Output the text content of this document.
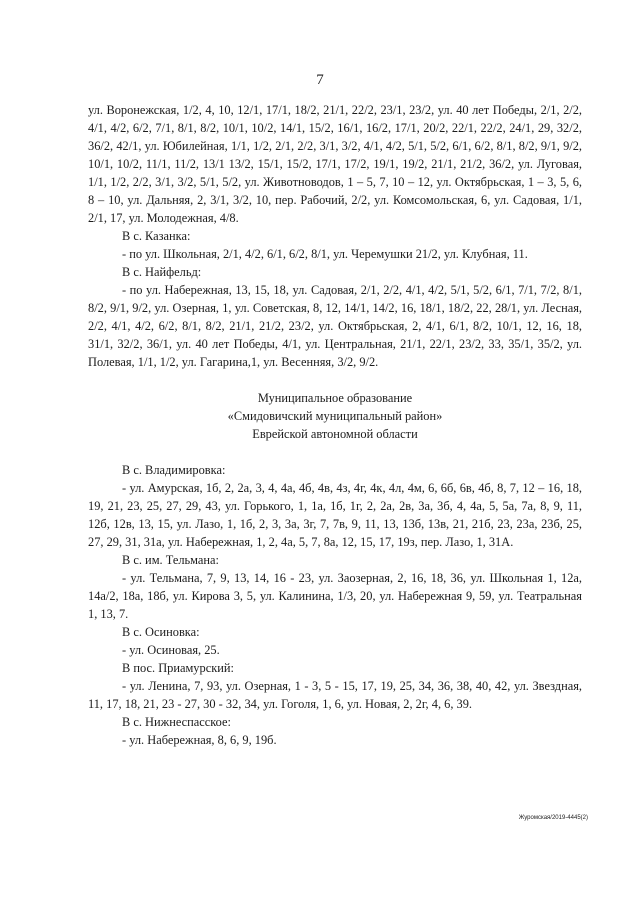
7

ул. Воронежская, 1/2, 4, 10, 12/1, 17/1, 18/2, 21/1, 22/2, 23/1, 23/2, ул. 40 лет Победы, 2/1, 2/2, 4/1, 4/2, 6/2, 7/1, 8/1, 8/2, 10/1, 10/2, 14/1, 15/2, 16/1, 16/2, 17/1, 20/2, 22/1, 22/2, 24/1, 29, 32/2, 36/2, 42/1, ул. Юбилейная, 1/1, 1/2, 2/1, 2/2, 3/1, 3/2, 4/1, 4/2, 5/1, 5/2, 6/1, 6/2, 8/1, 8/2, 9/1, 9/2, 10/1, 10/2, 11/1, 11/2, 13/1 13/2, 15/1, 15/2, 17/1, 17/2, 19/1, 19/2, 21/1, 21/2, 36/2, ул. Луговая, 1/1, 1/2, 2/2, 3/1, 3/2, 5/1, 5/2, ул. Животноводов, 1 – 5, 7, 10 – 12, ул. Октябрьская, 1 – 3, 5, 6, 8 – 10, ул. Дальняя, 2, 3/1, 3/2, 10, пер. Рабочий, 2/2, ул. Комсомольская, 6, ул. Садовая, 1/1, 2/1, 17, ул. Молодежная, 4/8.

В с. Казанка:

- по ул. Школьная, 2/1, 4/2, 6/1, 6/2, 8/1, ул. Черемушки 21/2, ул. Клубная, 11.

В с. Найфельд:

- по ул. Набережная, 13, 15, 18, ул. Садовая, 2/1, 2/2, 4/1, 4/2, 5/1, 5/2, 6/1, 7/1, 7/2, 8/1, 8/2, 9/1, 9/2, ул. Озерная, 1, ул. Советская, 8, 12, 14/1, 14/2, 16, 18/1, 18/2, 22, 28/1, ул. Лесная, 2/2, 4/1, 4/2, 6/2, 8/1, 8/2, 21/1, 21/2, 23/2, ул. Октябрьская, 2, 4/1, 6/1, 8/2, 10/1, 12, 16, 18, 31/1, 32/2, 36/1, ул. 40 лет Победы, 4/1, ул. Центральная, 21/1, 22/1, 23/2, 33, 35/1, 35/2, ул. Полевая, 1/1, 1/2, ул. Гагарина,1, ул. Весенняя, 3/2, 9/2.

Муниципальное образование

«Смидовичский муниципальный район»

Еврейской автономной области

В с. Владимировка:

- ул. Амурская, 1б, 2, 2а, 3, 4, 4а, 4б, 4в, 4з, 4г, 4к, 4л, 4м, 6, 6б, 6в, 4б, 8, 7, 12 – 16, 18, 19, 21, 23, 25, 27, 29, 43, ул. Горького, 1, 1а, 1б, 1г, 2, 2а, 2в, 3а, 3б, 4, 4а, 5, 5а, 7а, 8, 9, 11, 12б, 12в, 13, 15, ул. Лазо, 1, 1б, 2, 3, 3а, 3г, 7, 7в, 9, 11, 13, 13б, 13в, 21, 21б, 23, 23а, 23б, 25, 27, 29, 31, 31а, ул. Набережная, 1, 2, 4а, 5, 7, 8а, 12, 15, 17, 19з, пер. Лазо, 1, 31А.

В с. им. Тельмана:

- ул. Тельмана, 7, 9, 13, 14, 16 - 23, ул. Заозерная, 2, 16, 18, 36, ул. Школьная 1, 12а, 14а/2, 18а, 18б, ул. Кирова 3, 5, ул. Калинина, 1/3, 20, ул. Набережная 9, 59, ул. Театральная 1, 13, 7.

В с. Осиновка:

- ул. Осиновая, 25.

В пос. Приамурский:

- ул. Ленина, 7, 93, ул. Озерная, 1 - 3, 5 - 15, 17, 19, 25, 34, 36, 38, 40, 42, ул. Звездная, 11, 17, 18, 21, 23 - 27, 30 - 32, 34, ул. Гоголя, 1, 6, ул. Новая, 2, 2г, 4, 6, 39.

В с. Нижнеспасское:

- ул. Набережная, 8, 6, 9, 19б.

Журомская/2019-4445(2)
